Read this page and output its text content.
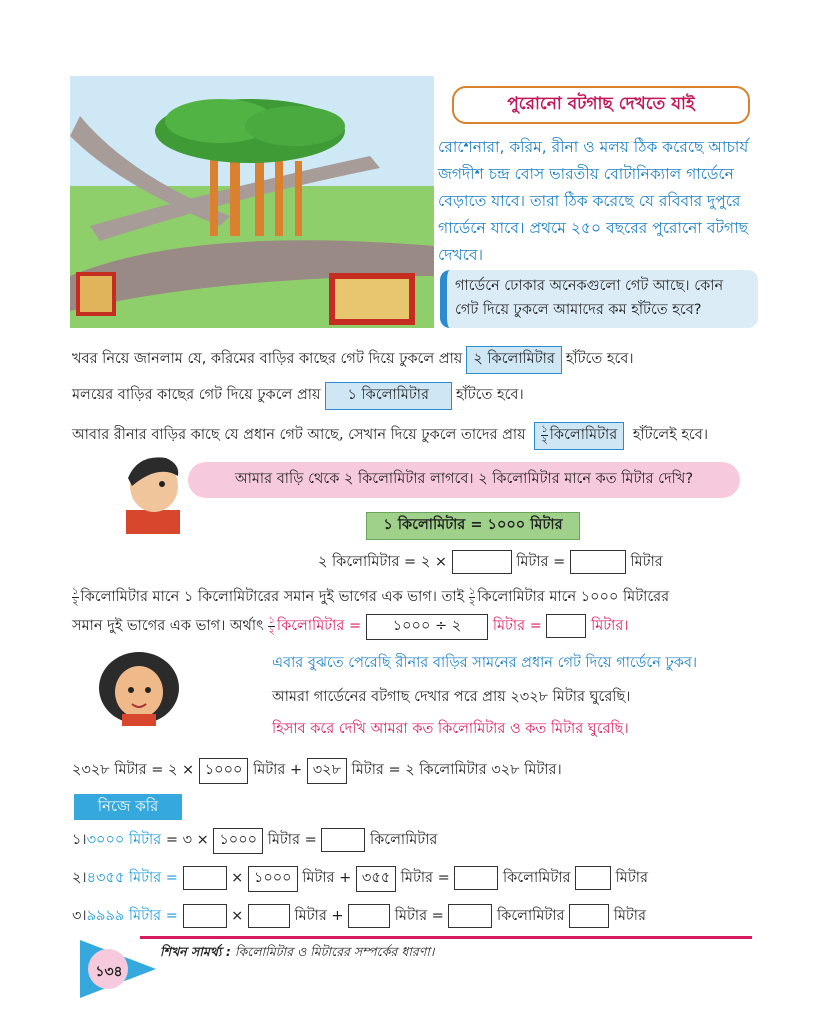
পুরোনো বটগাছ দেখতে যাই
রোশেনারা, করিম, রীনা ও মলয় ঠিক করেছে আচার্য জগদীশ চন্দ্র বোস ভারতীয় বোটানিক্যাল গার্ডেনে বেড়াতে যাবে। তারা ঠিক করেছে যে রবিবার দুপুরে গার্ডেনে যাবে। প্রথমে ২৫০ বছরের পুরোনো বটগাছ দেখবে।
গার্ডেনে ঢোকার অনেকগুলো গেট আছে। কোন গেট দিয়ে ঢুকলে আমাদের কম হাঁটতে হবে?
খবর নিয়ে জানলাম যে, করিমের বাড়ির কাছের গেট দিয়ে ঢুকলে প্রায় ২ কিলোমিটার হাঁটতে হবে।
মলয়ের বাড়ির কাছের গেট দিয়ে ঢুকলে প্রায় ১ কিলোমিটার হাঁটতে হবে।
আবার রীনার বাড়ির কাছে যে প্রধান গেট আছে, সেখান দিয়ে ঢুকলে তাদের প্রায় $\frac{১}{২}$ কিলোমিটার হাঁটলেই হবে।
আমার বাড়ি থেকে ২ কিলোমিটার লাগবে। ২ কিলোমিটার মানে কত মিটার দেখি?
১ কিলোমিটার = ১০০০ মিটার
২ কিলোমিটার = ২ ×	মিটার =	মিটার
$\frac{১}{২}$ কিলোমিটার মানে ১ কিলোমিটারের সমান দুই ভাগের এক ভাগ। তাই $\frac{১}{২}$ কিলোমিটার মানে ১০০০ মিটারের
সমান দুই ভাগের এক ভাগ। অর্থাৎ $\frac{১}{২}$ কিলোমিটার = ১০০০ ÷ ২ মিটার =	মিটার।
এবার বুঝতে পেরেছি রীনার বাড়ির সামনের প্রধান গেট দিয়ে গার্ডেনে ঢুকব।
আমরা গার্ডেনের বটগাছ দেখার পরে প্রায় ২৩২৮ মিটার ঘুরেছি।
হিসাব করে দেখি আমরা কত কিলোমিটার ও কত মিটার ঘুরেছি।
২৩২৮ মিটার = ২ × ১০০০ মিটার + ৩২৮ মিটার = ২ কিলোমিটার ৩২৮ মিটার।
নিজে করি
১।৩০০০ মিটার = ৩ × ১০০০ মিটার =	কিলোমিটার
২।৪৩৫৫ মিটার =	× ১০০০ মিটার + ৩৫৫ মিটার =	কিলোমিটার	মিটার
৩।৯৯৯৯ মিটার =	×	মিটার +	মিটার =	কিলোমিটার	মিটার
শিখন সামর্থ্য : কিলোমিটার ও মিটারের সম্পর্কের ধারণা।
১৩৪
